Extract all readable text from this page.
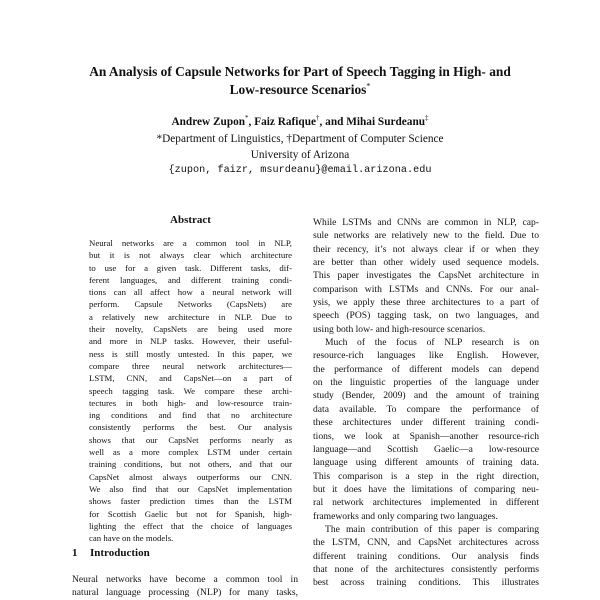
An Analysis of Capsule Networks for Part of Speech Tagging in High- and
Low-resource Scenarios*
Andrew Zupon*, Faiz Rafique†, and Mihai Surdeanu‡
*Department of Linguistics, †Department of Computer Science
University of Arizona
{zupon, faizr, msurdeanu}@email.arizona.edu
Abstract
Neural networks are a common tool in NLP,
but it is not always clear which architecture
to use for a given task. Different tasks, dif-
ferent languages, and different training condi-
tions can all affect how a neural network will
perform. Capsule Networks (CapsNets) are
a relatively new architecture in NLP. Due to
their novelty, CapsNets are being used more
and more in NLP tasks. However, their useful-
ness is still mostly untested. In this paper, we
compare three neural network architectures—
LSTM, CNN, and CapsNet—on a part of
speech tagging task. We compare these archi-
tectures in both high- and low-resource train-
ing conditions and find that no architecture
consistently performs the best. Our analysis
shows that our CapsNet performs nearly as
well as a more complex LSTM under certain
training conditions, but not others, and that our
CapsNet almost always outperforms our CNN.
We also find that our CapsNet implementation
shows faster prediction times than the LSTM
for Scottish Gaelic but not for Spanish, high-
lighting the effect that the choice of languages
can have on the models.
While LSTMs and CNNs are common in NLP, cap-
sule networks are relatively new to the field. Due to
their recency, it’s not always clear if or when they
are better than other widely used sequence models.
This paper investigates the CapsNet architecture in
comparison with LSTMs and CNNs. For our anal-
ysis, we apply these three architectures to a part of
speech (POS) tagging task, on two languages, and
using both low- and high-resource scenarios.
Much of the focus of NLP research is on
resource-rich languages like English. However,
the performance of different models can depend
on the linguistic properties of the language under
study (Bender, 2009) and the amount of training
data available. To compare the performance of
these architectures under different training condi-
tions, we look at Spanish—another resource-rich
language—and Scottish Gaelic—a low-resource
language using different amounts of training data.
This comparison is a step in the right direction,
but it does have the limitations of comparing neu-
ral network architectures implemented in different
frameworks and only comparing two languages.
The main contribution of this paper is comparing
the LSTM, CNN, and CapsNet architectures across
different training conditions. Our analysis finds
that none of the architectures consistently performs
best across training conditions. This illustrates
1 Introduction
Neural networks have become a common tool in
natural language processing (NLP) for many tasks,
